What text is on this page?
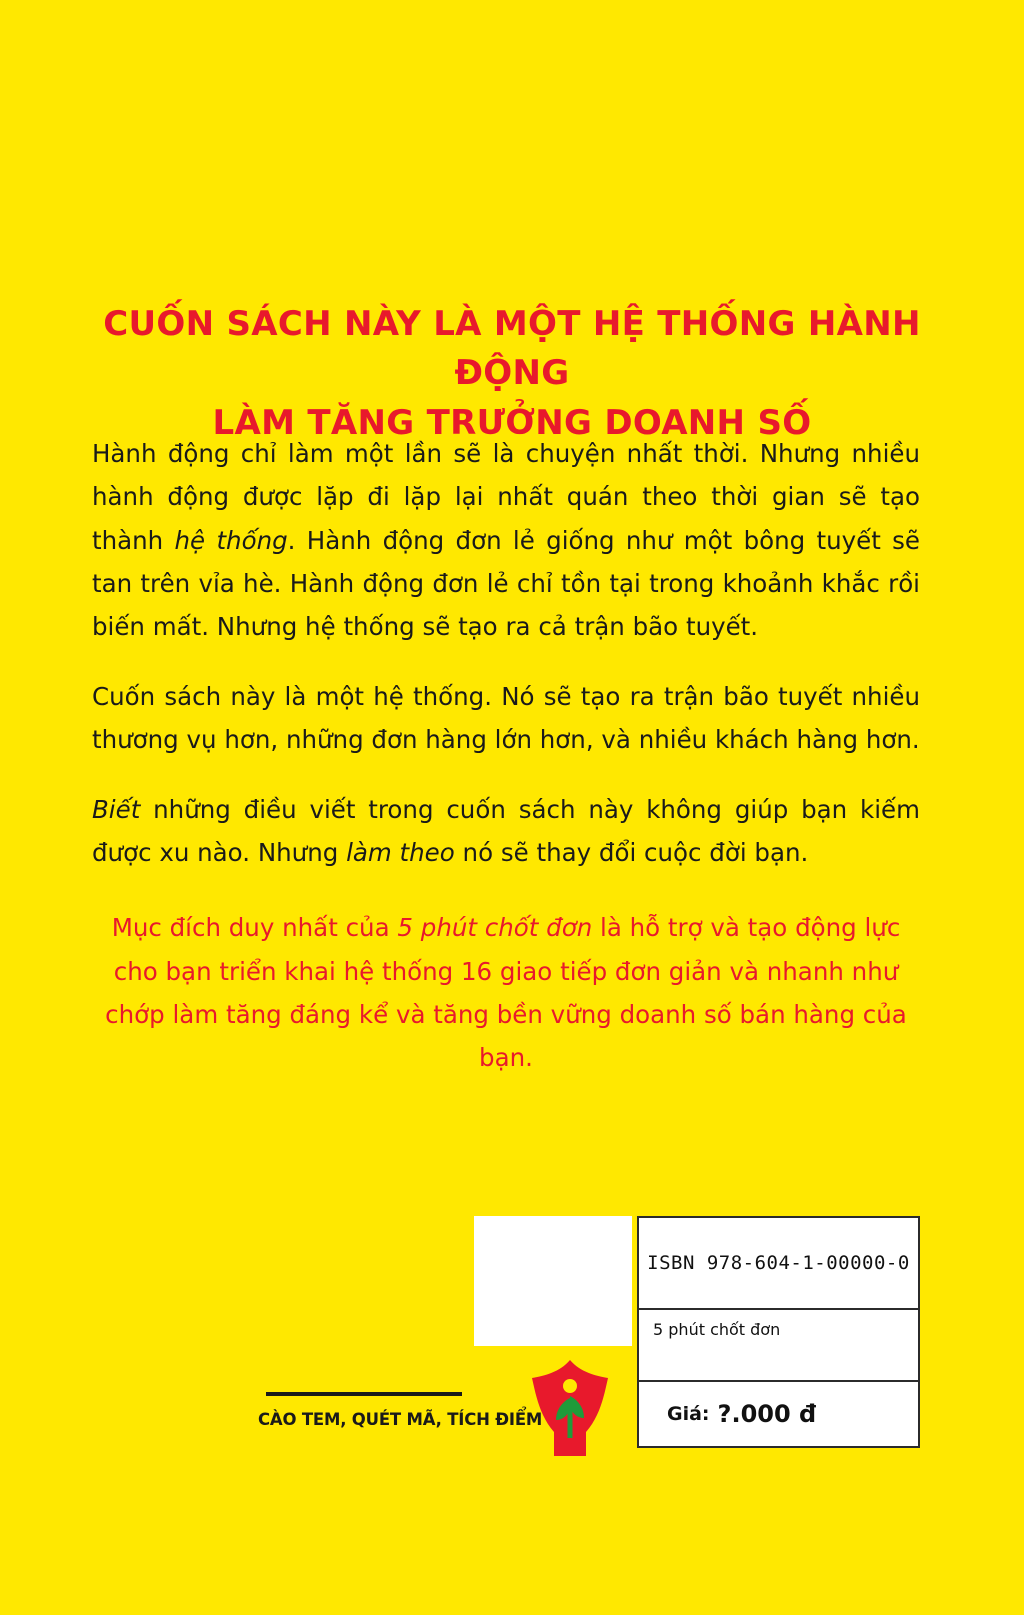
CUỐN SÁCH NÀY LÀ MỘT HỆ THỐNG HÀNH ĐỘNG
LÀM TĂNG TRƯỞNG DOANH SỐ

Hành động chỉ làm một lần sẽ là chuyện nhất thời. Nhưng nhiều hành động được lặp đi lặp lại nhất quán theo thời gian sẽ tạo thành hệ thống. Hành động đơn lẻ giống như một bông tuyết sẽ tan trên vỉa hè. Hành động đơn lẻ chỉ tồn tại trong khoảnh khắc rồi biến mất. Nhưng hệ thống sẽ tạo ra cả trận bão tuyết.

Cuốn sách này là một hệ thống. Nó sẽ tạo ra trận bão tuyết nhiều thương vụ hơn, những đơn hàng lớn hơn, và nhiều khách hàng hơn.

Biết những điều viết trong cuốn sách này không giúp bạn kiếm được xu nào. Nhưng làm theo nó sẽ thay đổi cuộc đời bạn.

Mục đích duy nhất của 5 phút chốt đơn là hỗ trợ và tạo động lực cho bạn triển khai hệ thống 16 giao tiếp đơn giản và nhanh như chớp làm tăng đáng kể và tăng bền vững doanh số bán hàng của bạn.

ISBN 978-604-1-00000-0
5 phút chốt đơn
Giá: ?.000 đ
CÀO TEM, QUÉT MÃ, TÍCH ĐIỂM
